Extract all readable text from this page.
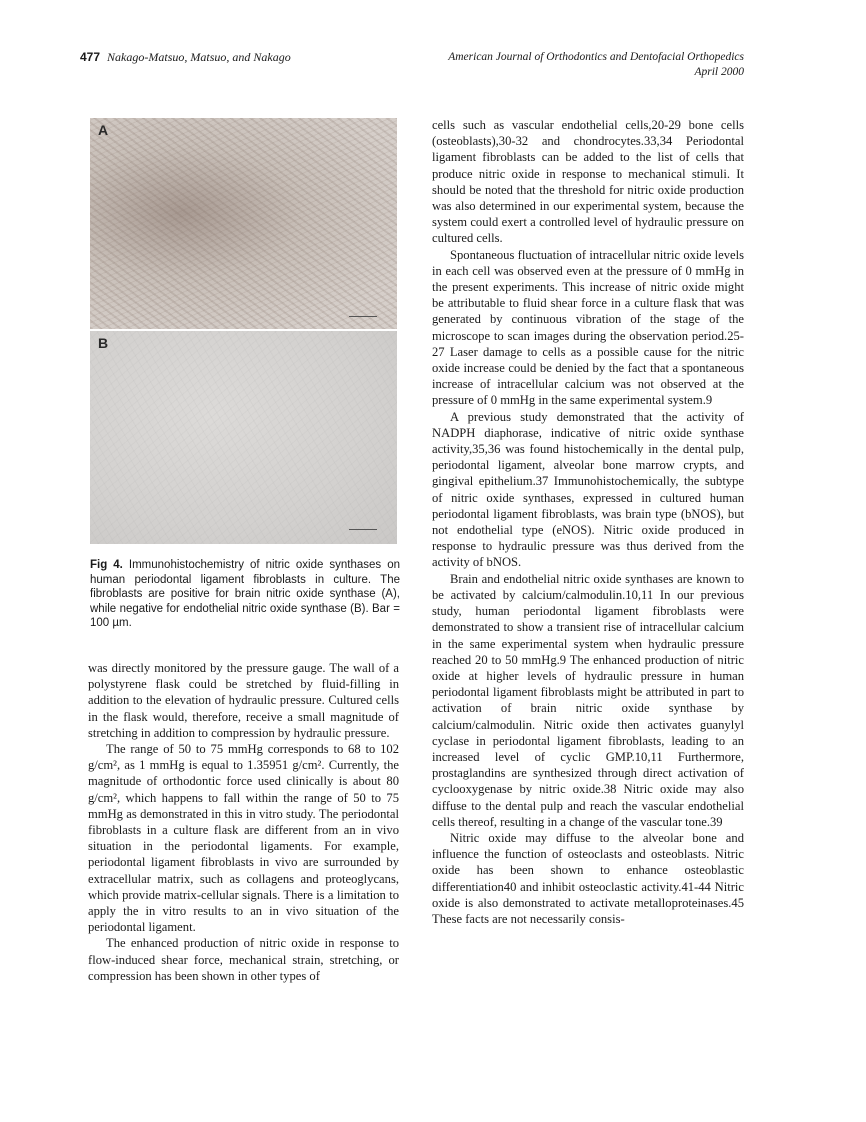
477 Nakago-Matsuo, Matsuo, and Nakago	American Journal of Orthodontics and Dentofacial Orthopedics
April 2000
A
B
Fig 4. Immunohistochemistry of nitric oxide synthases on human periodontal ligament fibroblasts in culture. The fibroblasts are positive for brain nitric oxide synthase (A), while negative for endothelial nitric oxide synthase (B). Bar = 100 µm.

was directly monitored by the pressure gauge. The wall of a polystyrene flask could be stretched by fluid-filling in addition to the elevation of hydraulic pressure. Cultured cells in the flask would, therefore, receive a small magnitude of stretching in addition to compression by hydraulic pressure.

The range of 50 to 75 mmHg corresponds to 68 to 102 g/cm², as 1 mmHg is equal to 1.35951 g/cm². Currently, the magnitude of orthodontic force used clinically is about 80 g/cm², which happens to fall within the range of 50 to 75 mmHg as demonstrated in this in vitro study. The periodontal fibroblasts in a culture flask are different from an in vivo situation in the periodontal ligaments. For example, periodontal ligament fibroblasts in vivo are surrounded by extracellular matrix, such as collagens and proteoglycans, which provide matrix-cellular signals. There is a limitation to apply the in vitro results to an in vivo situation of the periodontal ligament.

The enhanced production of nitric oxide in response to flow-induced shear force, mechanical strain, stretching, or compression has been shown in other types of

cells such as vascular endothelial cells,20-29 bone cells (osteoblasts),30-32 and chondrocytes.33,34 Periodontal ligament fibroblasts can be added to the list of cells that produce nitric oxide in response to mechanical stimuli. It should be noted that the threshold for nitric oxide production was also determined in our experimental system, because the system could exert a controlled level of hydraulic pressure on cultured cells.

Spontaneous fluctuation of intracellular nitric oxide levels in each cell was observed even at the pressure of 0 mmHg in the present experiments. This increase of nitric oxide might be attributable to fluid shear force in a culture flask that was generated by continuous vibration of the stage of the microscope to scan images during the observation period.25-27 Laser damage to cells as a possible cause for the nitric oxide increase could be denied by the fact that a spontaneous increase of intracellular calcium was not observed at the pressure of 0 mmHg in the same experimental system.9

A previous study demonstrated that the activity of NADPH diaphorase, indicative of nitric oxide synthase activity,35,36 was found histochemically in the dental pulp, periodontal ligament, alveolar bone marrow crypts, and gingival epithelium.37 Immunohistochemically, the subtype of nitric oxide synthases, expressed in cultured human periodontal ligament fibroblasts, was brain type (bNOS), but not endothelial type (eNOS). Nitric oxide produced in response to hydraulic pressure was thus derived from the activity of bNOS.

Brain and endothelial nitric oxide synthases are known to be activated by calcium/calmodulin.10,11 In our previous study, human periodontal ligament fibroblasts were demonstrated to show a transient rise of intracellular calcium in the same experimental system when hydraulic pressure reached 20 to 50 mmHg.9 The enhanced production of nitric oxide at higher levels of hydraulic pressure in human periodontal ligament fibroblasts might be attributed in part to activation of brain nitric oxide synthase by calcium/calmodulin. Nitric oxide then activates guanylyl cyclase in periodontal ligament fibroblasts, leading to an increased level of cyclic GMP.10,11 Furthermore, prostaglandins are synthesized through direct activation of cyclooxygenase by nitric oxide.38 Nitric oxide may also diffuse to the dental pulp and reach the vascular endothelial cells thereof, resulting in a change of the vascular tone.39

Nitric oxide may diffuse to the alveolar bone and influence the function of osteoclasts and osteoblasts. Nitric oxide has been shown to enhance osteoblastic differentiation40 and inhibit osteoclastic activity.41-44 Nitric oxide is also demonstrated to activate metalloproteinases.45 These facts are not necessarily consis-
